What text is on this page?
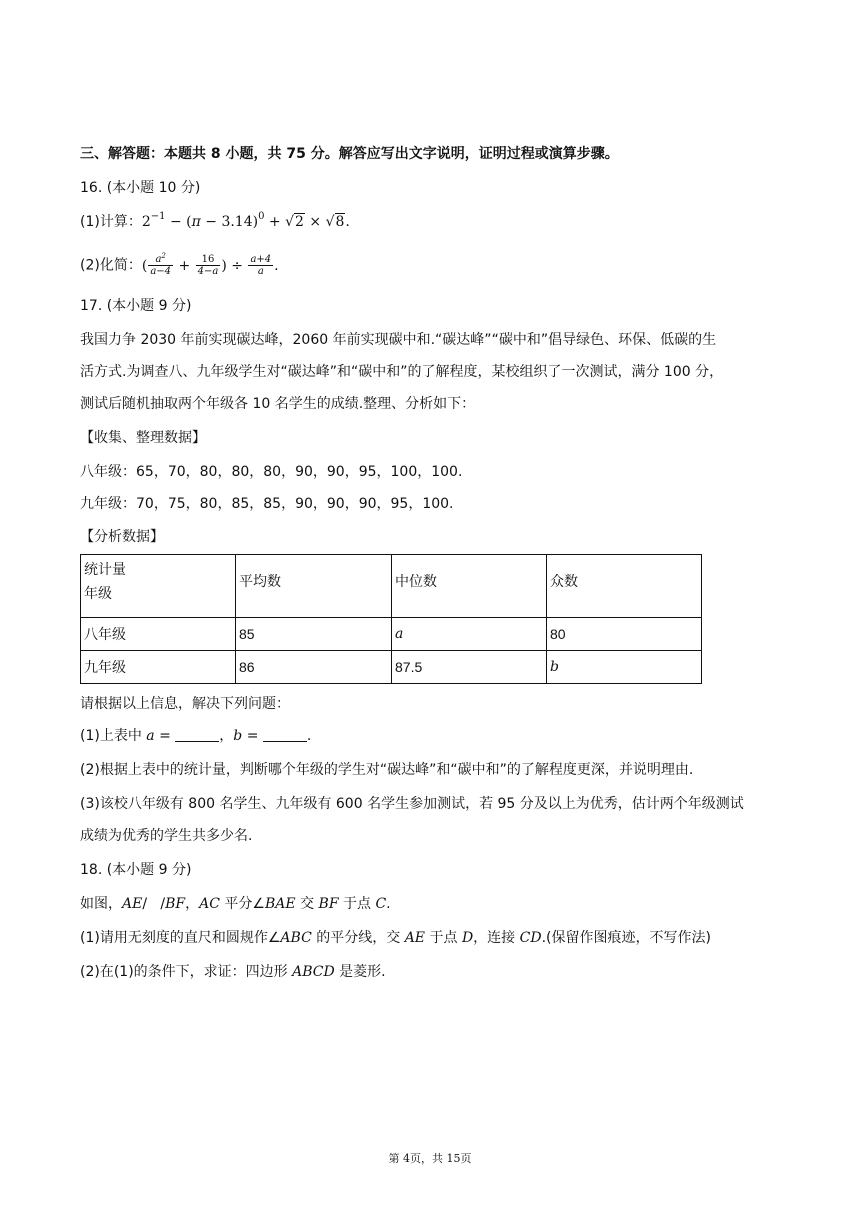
三、解答题：本题共 8 小题，共 75 分。解答应写出文字说明，证明过程或演算步骤。
16. (本小题 10 分)
(1)计算：$2^{-1} - (\pi - 3.14)^0 + √2 \times √8$.
(2)化简：( $\frac{a^2}{a-4} + \frac{16}{4-a}$ ) ÷ $\frac{a+4}{a}$ .
17. (本小题 9 分)
我国力争 2030 年前实现碳达峰，2060 年前实现碳中和.“碳达峰”“碳中和”倡导绿色、环保、低碳的生
活方式.为调查八、九年级学生对“碳达峰”和“碳中和”的了解程度，某校组织了一次测试，满分 100 分，
测试后随机抽取两个年级各 10 名学生的成绩.整理、分析如下：
【收集、整理数据】
八年级：65，70，80，80，80，90，90，95，100，100.
九年级：70，75，80，85，85，90，90，90，95，100.
【分析数据】
统计量
年级	平均数	中位数	众数
八年级	85	a	80
九年级	86	87.5	b
请根据以上信息，解决下列问题：
(1)上表中 a =	，b =	.
(2)根据上表中的统计量，判断哪个年级的学生对“碳达峰”和“碳中和”的了解程度更深，并说明理由.
(3)该校八年级有 800 名学生、九年级有 600 名学生参加测试，若 95 分及以上为优秀，估计两个年级测试
成绩为优秀的学生共多少名.
18. (本小题 9 分)
如图，AE/   /BF，AC 平分∠BAE 交 BF 于点 C.
(1)请用无刻度的直尺和圆规作∠ABC 的平分线，交 AE 于点 D，连接 CD.(保留作图痕迹，不写作法)
(2)在(1)的条件下，求证：四边形 ABCD 是菱形.
第 4页，共 15页
